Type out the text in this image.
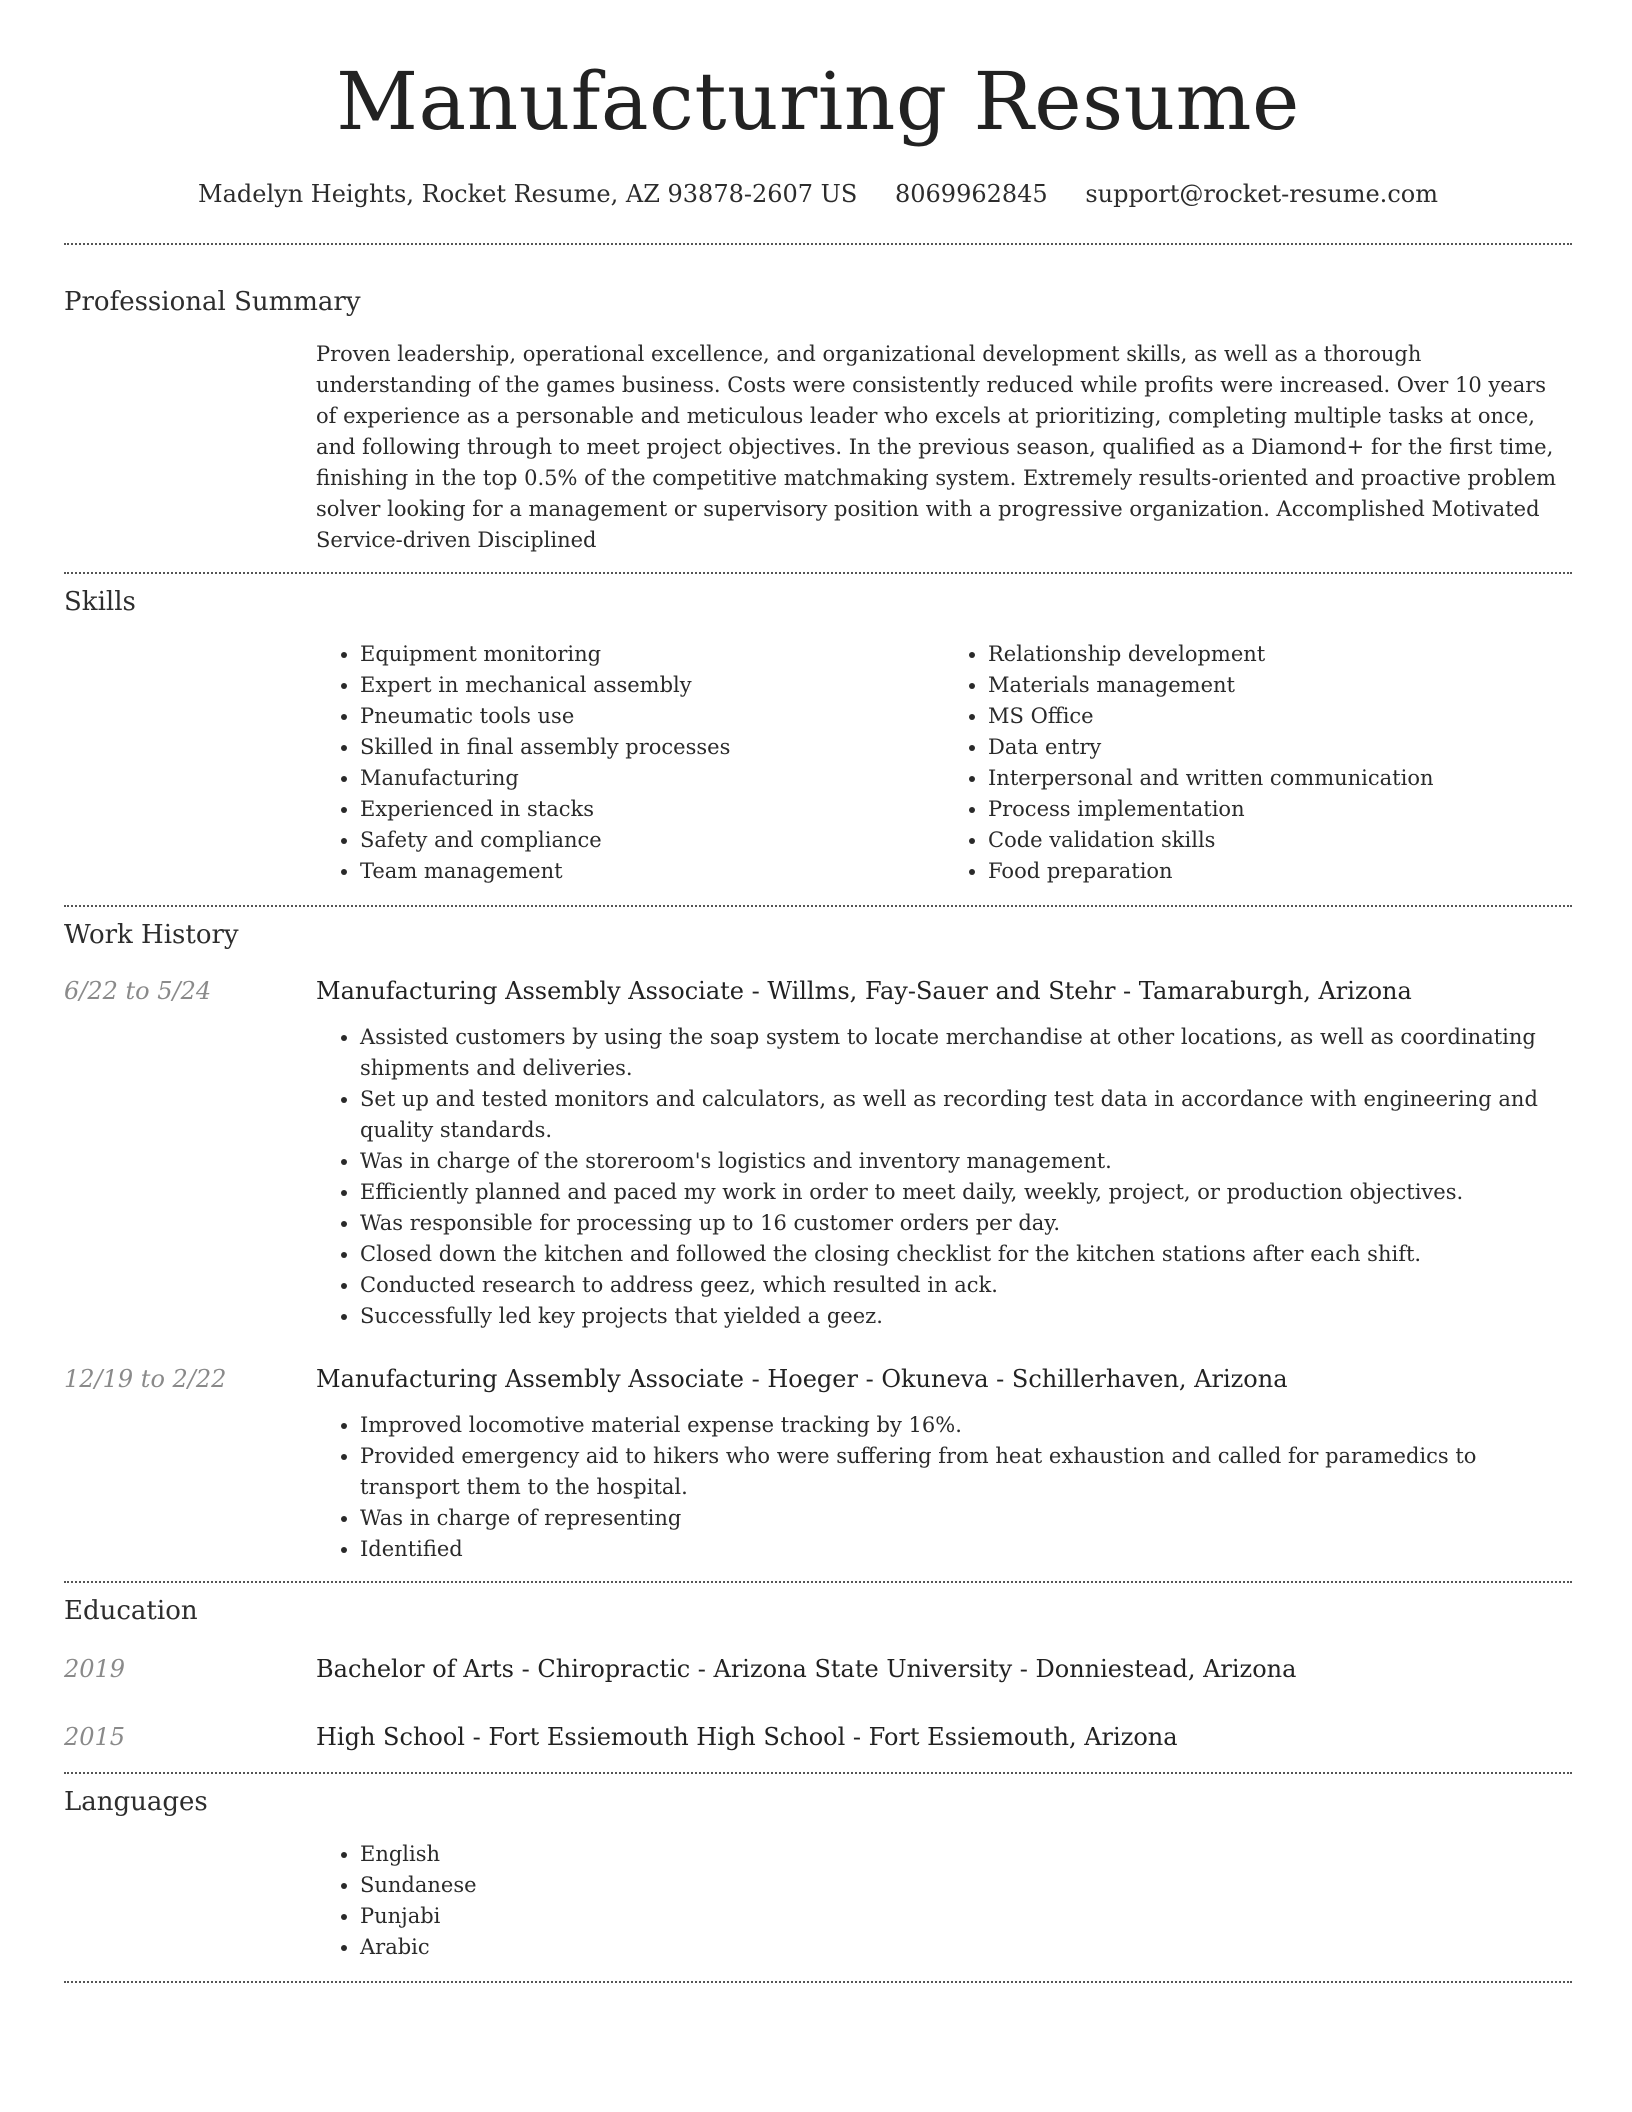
Manufacturing Resume
Madelyn Heights, Rocket Resume, AZ 93878-2607 US 8069962845 support@rocket-resume.com
Professional Summary

Proven leadership, operational excellence, and organizational development skills, as well as a thorough understanding of the games business. Costs were consistently reduced while profits were increased. Over 10 years of experience as a personable and meticulous leader who excels at prioritizing, completing multiple tasks at once, and following through to meet project objectives. In the previous season, qualified as a Diamond+ for the first time, finishing in the top 0.5% of the competitive matchmaking system. Extremely results-oriented and proactive problem solver looking for a management or supervisory position with a progressive organization. Accomplished Motivated Service-driven Disciplined

Skills
• Equipment monitoring
• Expert in mechanical assembly
• Pneumatic tools use
• Skilled in final assembly processes
• Manufacturing
• Experienced in stacks
• Safety and compliance
• Team management
• Relationship development
• Materials management
• MS Office
• Data entry
• Interpersonal and written communication
• Process implementation
• Code validation skills
• Food preparation
Work History
6/22 to 5/24	Manufacturing Assembly Associate - Willms, Fay-Sauer and Stehr - Tamaraburgh, Arizona
• Assisted customers by using the soap system to locate merchandise at other locations, as well as coordinating shipments and deliveries.
• Set up and tested monitors and calculators, as well as recording test data in accordance with engineering and quality standards.
• Was in charge of the storeroom's logistics and inventory management.
• Efficiently planned and paced my work in order to meet daily, weekly, project, or production objectives.
• Was responsible for processing up to 16 customer orders per day.
• Closed down the kitchen and followed the closing checklist for the kitchen stations after each shift.
• Conducted research to address geez, which resulted in ack.
• Successfully led key projects that yielded a geez.
12/19 to 2/22	Manufacturing Assembly Associate - Hoeger - Okuneva - Schillerhaven, Arizona
• Improved locomotive material expense tracking by 16%.
• Provided emergency aid to hikers who were suffering from heat exhaustion and called for paramedics to transport them to the hospital.
• Was in charge of representing
• Identified
Education
2019	Bachelor of Arts - Chiropractic - Arizona State University - Donniestead, Arizona
2015	High School - Fort Essiemouth High School - Fort Essiemouth, Arizona
Languages
• English
• Sundanese
• Punjabi
• Arabic
